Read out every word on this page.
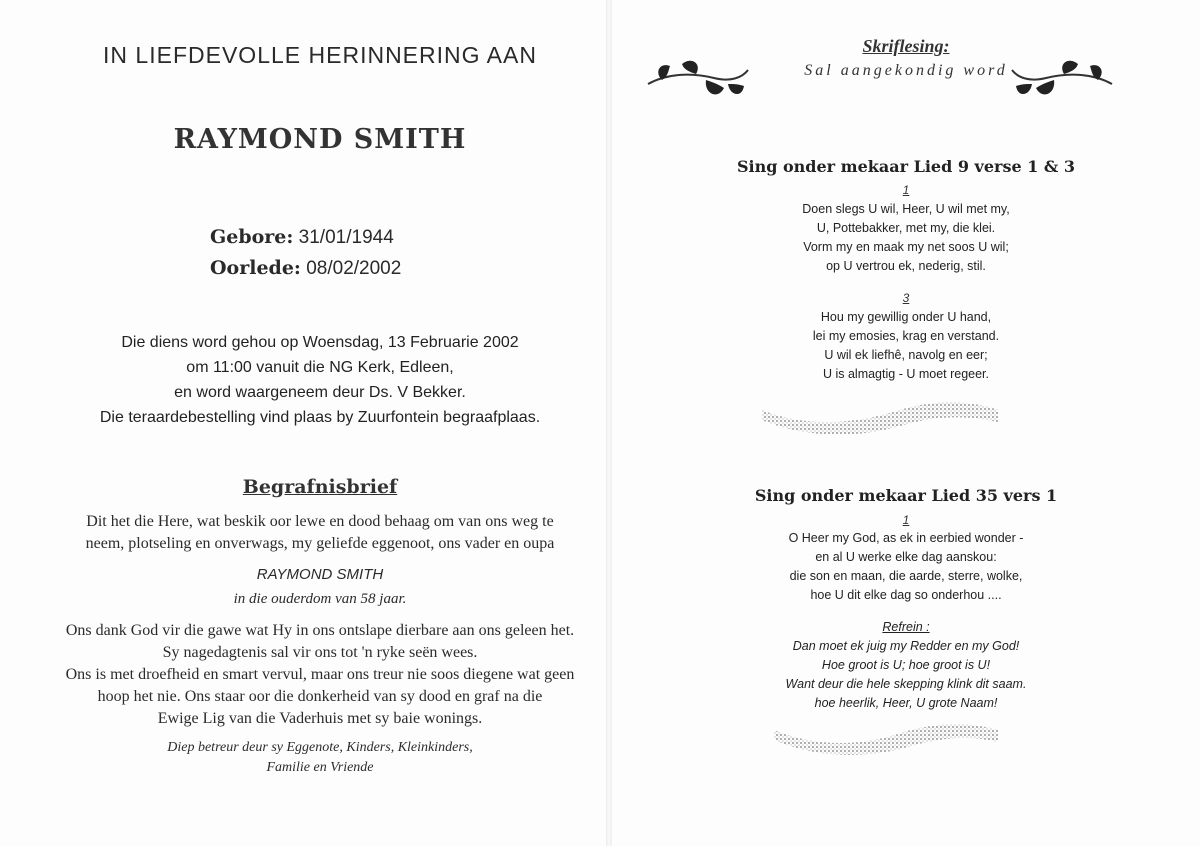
IN LIEFDEVOLLE HERINNERING AAN
RAYMOND SMITH
Gebore: 31/01/1944
Oorlede: 08/02/2002
Die diens word gehou op Woensdag, 13 Februarie 2002
om 11:00 vanuit die NG Kerk, Edleen,
en word waargeneem deur Ds. V Bekker.
Die teraardebestelling vind plaas by Zuurfontein begraafplaas.
Begrafnisbrief
Dit het die Here, wat beskik oor lewe en dood behaag om van ons weg te
neem, plotseling en onverwags, my geliefde eggenoot, ons vader en oupa
RAYMOND SMITH
in die ouderdom van 58 jaar.
Ons dank God vir die gawe wat Hy in ons ontslape dierbare aan ons geleen het.
Sy nagedagtenis sal vir ons tot 'n ryke seën wees.
Ons is met droefheid en smart vervul, maar ons treur nie soos diegene wat geen
hoop het nie. Ons staar oor die donkerheid van sy dood en graf na die
Ewige Lig van die Vaderhuis met sy baie wonings.
Diep betreur deur sy Eggenote, Kinders, Kleinkinders,
Familie en Vriende
Skriflesing:
Sal aangekondig word
Sing onder mekaar Lied 9 verse 1 & 3
1
Doen slegs U wil, Heer, U wil met my,
U, Pottebakker, met my, die klei.
Vorm my en maak my net soos U wil;
op U vertrou ek, nederig, stil.
3
Hou my gewillig onder U hand,
lei my emosies, krag en verstand.
U wil ek liefhê, navolg en eer;
U is almagtig - U moet regeer.
Sing onder mekaar Lied 35 vers 1
1
O Heer my God, as ek in eerbied wonder -
en al U werke elke dag aanskou:
die son en maan, die aarde, sterre, wolke,
hoe U dit elke dag so onderhou ....
Refrein :
Dan moet ek juig my Redder en my God!
Hoe groot is U; hoe groot is U!
Want deur die hele skepping klink dit saam.
hoe heerlik, Heer, U grote Naam!
